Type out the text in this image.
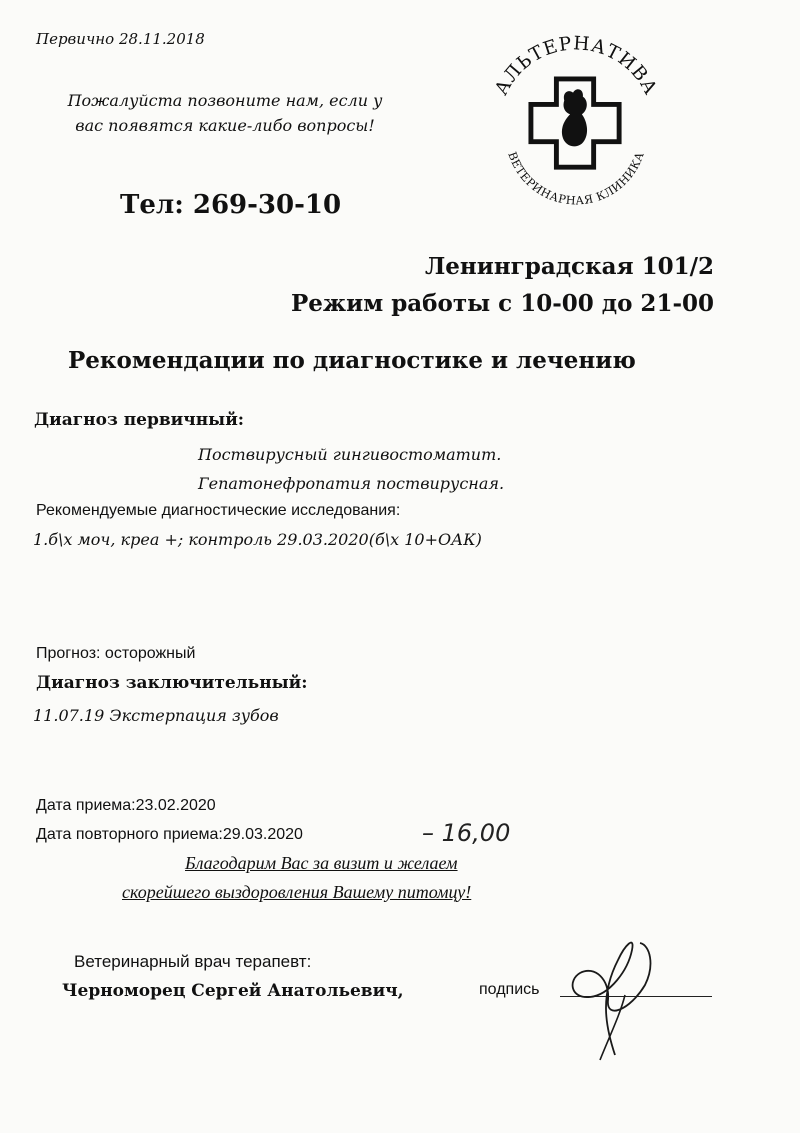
Первично 28.11.2018
Пожалуйста позвоните нам, если у вас появятся какие-либо вопросы!
Тел: 269-30-10
АЛЬТЕРНАТИВА
ВЕТЕРИНАРНАЯ КЛИНИКА
Ленинградская 101/2
Режим работы с 10-00 до 21-00
Рекомендации по диагностике и лечению
Диагноз первичный:
Поствирусный гингивостоматит.
Гепатонефропатия поствирусная.
Рекомендуемые диагностические исследования:
1.б\х моч, креа +; контроль 29.03.2020(б\х 10+ОАК)
Прогноз: осторожный
Диагноз заключительный:
11.07.19 Экстерпация зубов
Дата приема:23.02.2020
Дата повторного приема:29.03.2020	– 16,00
Благодарим Вас за визит и желаем
скорейшего выздоровления Вашему питомцу!
Ветеринарный врач терапевт:
Черноморец Сергей Анатольевич,	подпись
